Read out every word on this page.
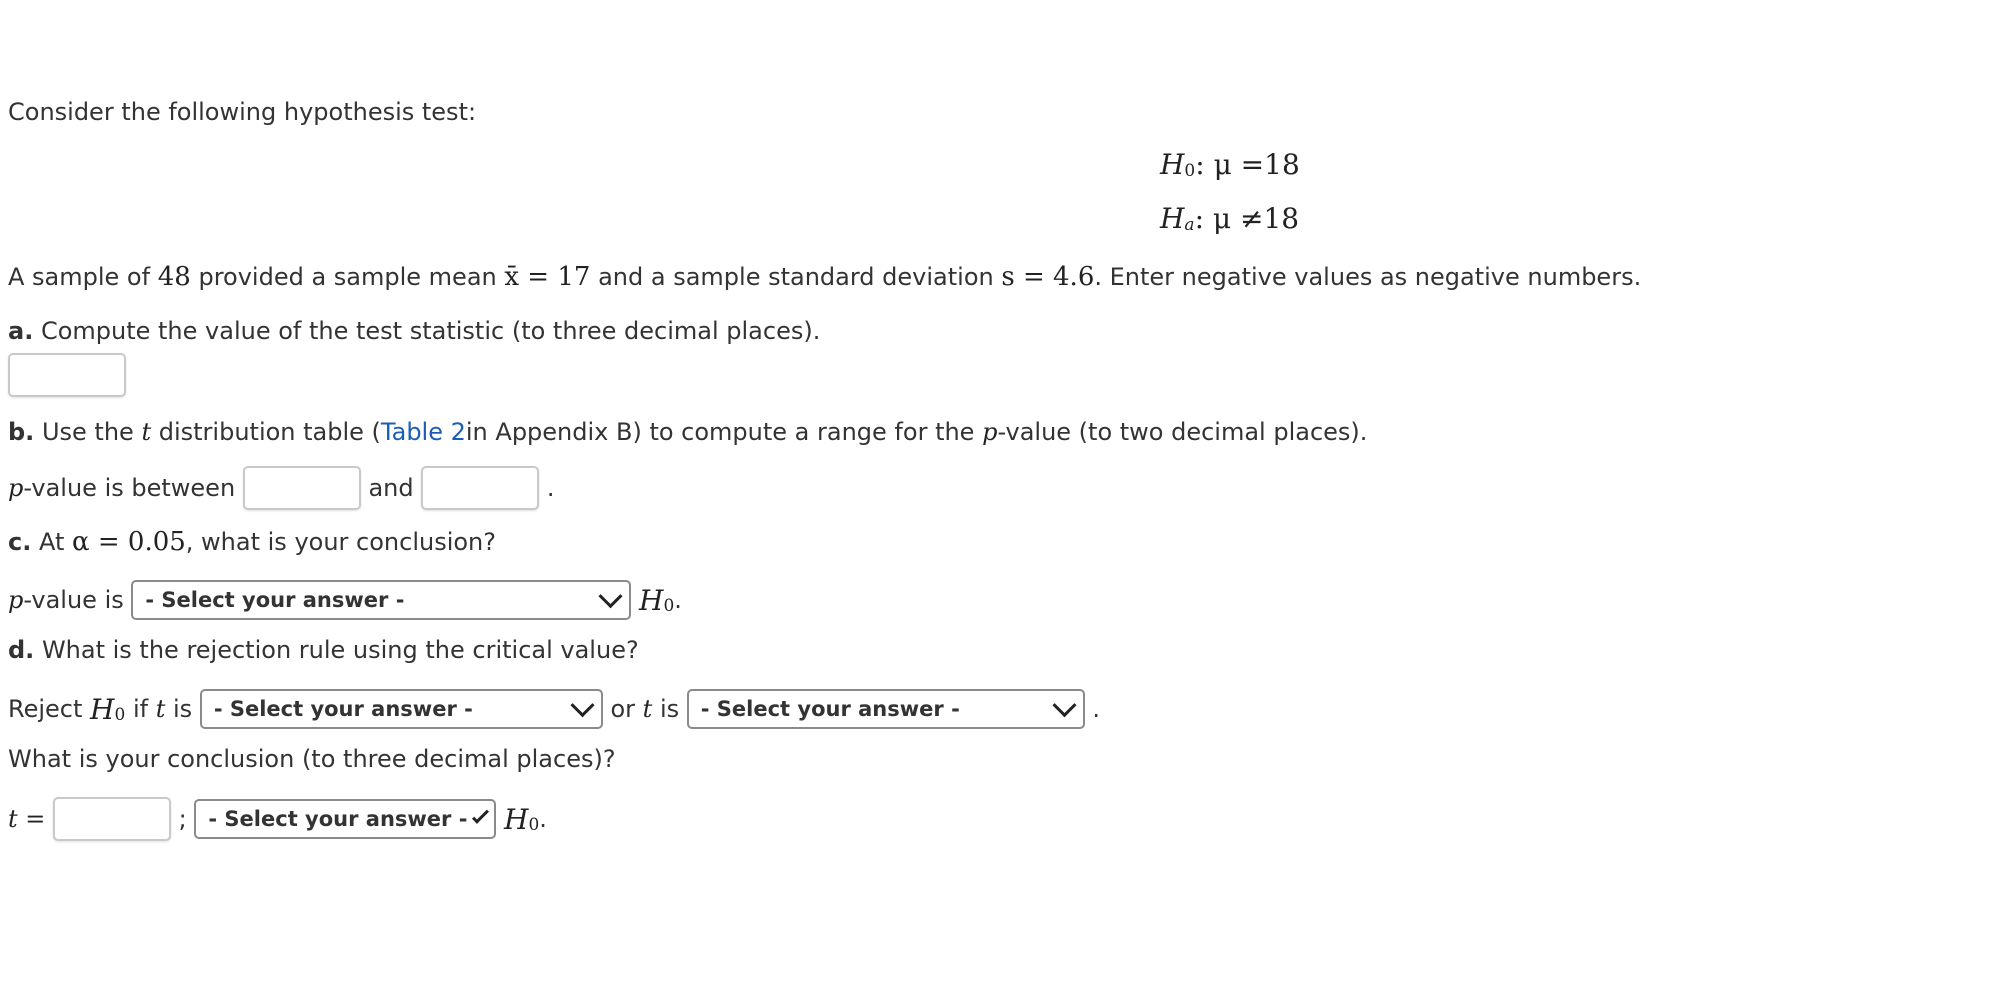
Consider the following hypothesis test:
H 0 : μ = 18
H a : μ ≠ 18
A sample of
48
provided a sample mean
x̄ = 17
and a sample standard deviation
s = 4.6 . Enter negative values as negative numbers.
a.
Compute the value of the test statistic (to three decimal places).
b.
Use the
t
distribution table ( Table 2 in Appendix B) to compute a range for the
p -value (to two decimal places).
p -value is between

	and

	.
c.
At
α = 0.05 , what is your conclusion?
p -value is
- Select your answer -
	H 0 .
d.
What is the rejection rule using the critical value?
Reject
H 0
if
t
is
- Select your answer -
	or
t
is
- Select your answer -
	.
What is your conclusion (to three decimal places)?
t =

	;
- Select your answer -
H 0 .
